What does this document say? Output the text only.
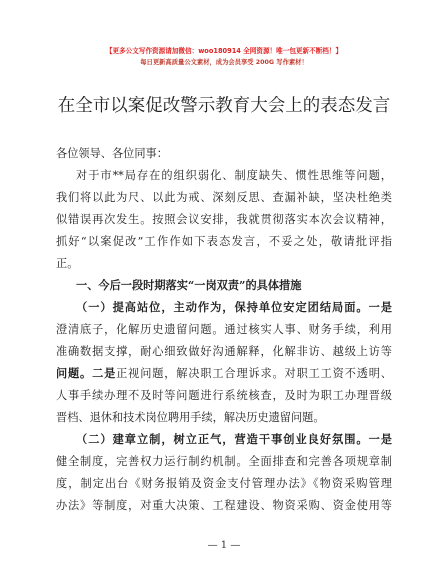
【更多公文写作资源请加微信：woo180914 全网资源！唯一包更新不断档！】
每日更新高质量公文素材，成为会员享受 200G 写作素材！
在全市以案促改警示教育大会上的表态发言
各位领导、各位同事：
对于市**局存在的组织弱化、制度缺失、惯性思维等问题，
我们将以此为尺、以此为戒、深刻反思、查漏补缺，坚决杜绝类
似错误再次发生。按照会议安排，我就贯彻落实本次会议精神，
抓好“以案促改”工作作如下表态发言，不妥之处，敬请批评指
正。
一、今后一段时期落实“一岗双责”的具体措施
（一）提高站位，主动作为，保持单位安定团结局面。一是
澄清底子，化解历史遗留问题。通过核实人事、财务手续，利用
准确数据支撑，耐心细致做好沟通解释，化解非访、越级上访等
问题。二是正视问题，解决职工合理诉求。对职工工资不透明、
人事手续办理不及时等问题进行系统核查，及时为职工办理晋级
晋档、退休和技术岗位聘用手续，解决历史遗留问题。
（二）建章立制，树立正气，营造干事创业良好氛围。一是
健全制度，完善权力运行制约机制。全面排查和完善各项规章制
度，制定出台《财务报销及资金支付管理办法》《物资采购管理
办法》等制度，对重大决策、工程建设、物资采购、资金使用等
— 1 —
